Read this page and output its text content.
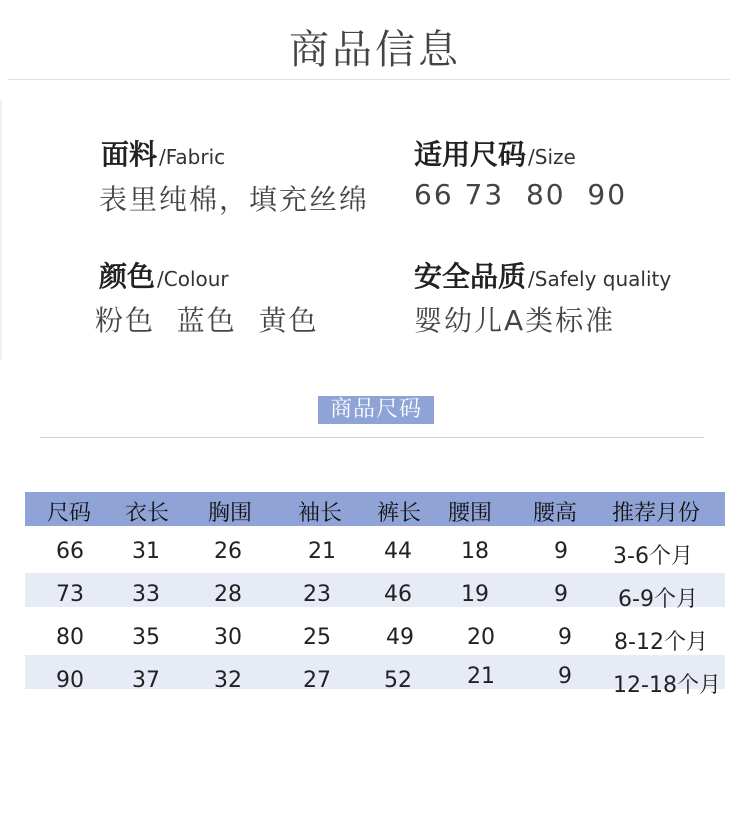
商品信息
面料 /Fabric
表里纯棉，填充丝绵
适用尺码 /Size
66 73  80  90
颜色 /Colour
粉色  蓝色  黄色
安全品质 /Safely quality
婴幼儿A类标准
商品尺码
尺码 衣长 胸围 袖长 裤长 腰围 腰高 推荐月份
66 31 26	21 44 18	9 3-6个月
73 33 28	23 46 19	9 6-9个月
80 35 30	25	49 20	9 8-12个月
90 37 32	27 52	21	9 12-18个月
